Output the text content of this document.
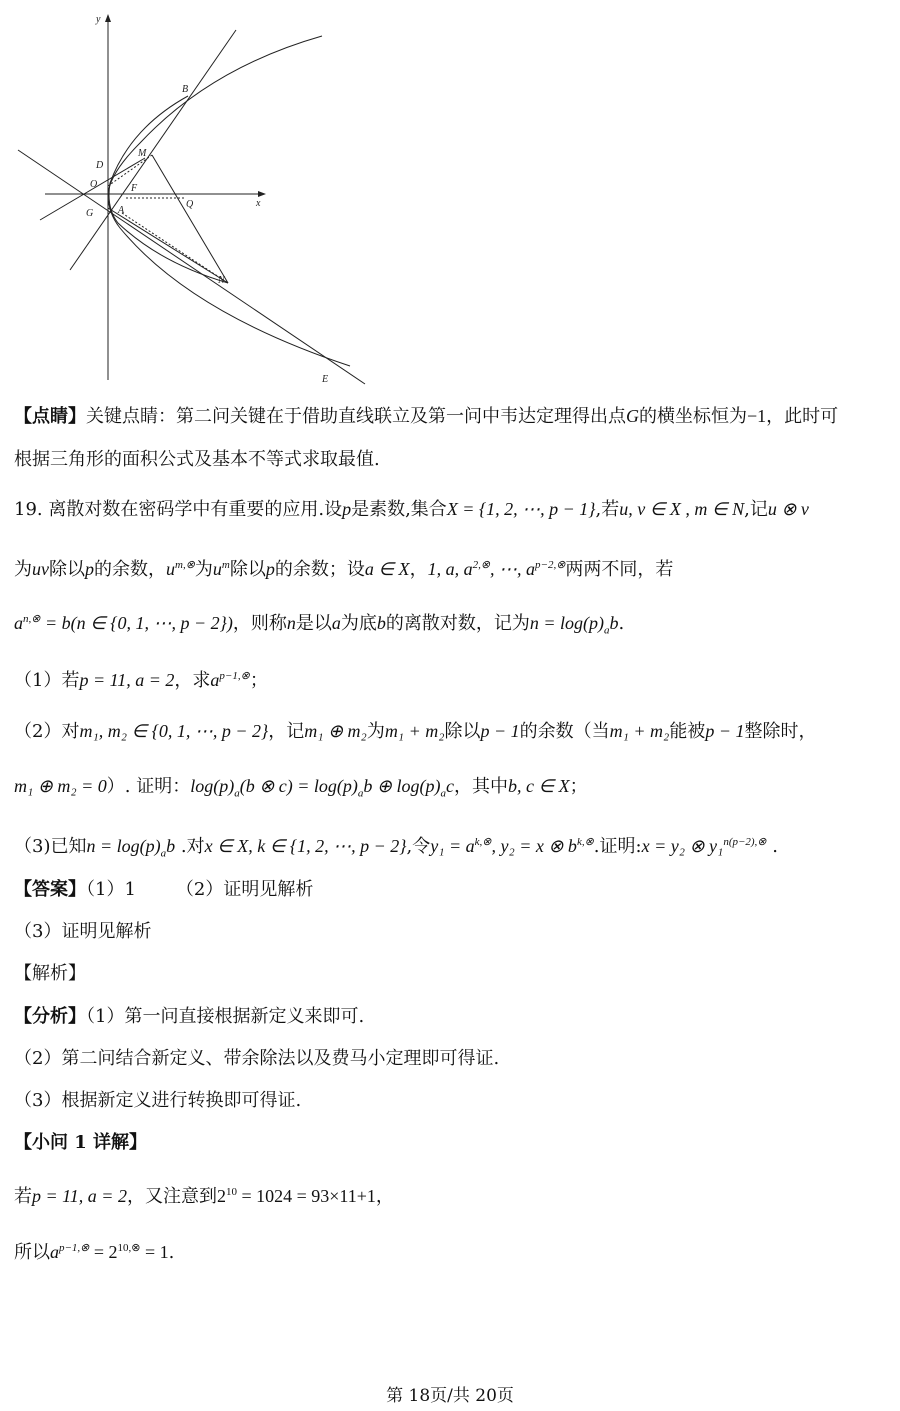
y
B
M
D
O	F
G A
Q	x
N
E
【点睛】关键点睛：第二问关键在于借助直线联立及第一问中韦达定理得出点G的横坐标恒为−1，此时可
根据三角形的面积公式及基本不等式求取最值.
19. 离散对数在密码学中有重要的应用.设p是素数,集合X = {1, 2, ⋯, p − 1},若u, v ∈ X , m ∈ N,记u ⊗ v
为uv除以p的余数，$u^{m,\otimes}$为$u^m$除以p的余数；设a ∈ X，1, a, $a^{2,\otimes}$, ⋯, $a^{p-2,\otimes}$两两不同，若
$a^{n,\otimes} = b(n$ ∈ {0, 1, ⋯, p − 2})，则称n是以a为底b的离散对数，记为$n = \log(p)_ab$.
（1）若p = 11, a = 2，求$a^{p-1,\otimes}$；
（2）对m₁, m₂ ∈ {0, 1, ⋯, p − 2}，记m₁ ⊕ m₂为m₁ + m₂除以p − 1的余数（当m₁ + m₂能被p − 1整除时，
m₁ ⊕ m₂ = 0）. 证明：$\log(p)_a(b$ ⊗ $c) = \log(p)_ab$ ⊕ $\log(p)_ac$，其中b, c ∈ X；
（3)已知$n = \log(p)_ab$ .对x ∈ X, k ∈ {1, 2, ⋯, p − 2},令$y_1 = a^{k,\otimes}$, y₂ = x ⊗ $b^{k,\otimes}$.证明:x = y₂ ⊗ y₁$^{n(p-2),\otimes}$ .
【答案】（1）1 （2）证明见解析
（3）证明见解析
【解析】
【分析】（1）第一问直接根据新定义来即可.
（2）第二问结合新定义、带余除法以及费马小定理即可得证.
（3）根据新定义进行转换即可得证.
【小问 1 详解】
若p = 11, a = 2，又注意到$2^{10} = 1024 = 93\times 11+1$，
所以$a^{p-1,\otimes} = 2^{10,\otimes} = 1$.
第 18页/共 20页
